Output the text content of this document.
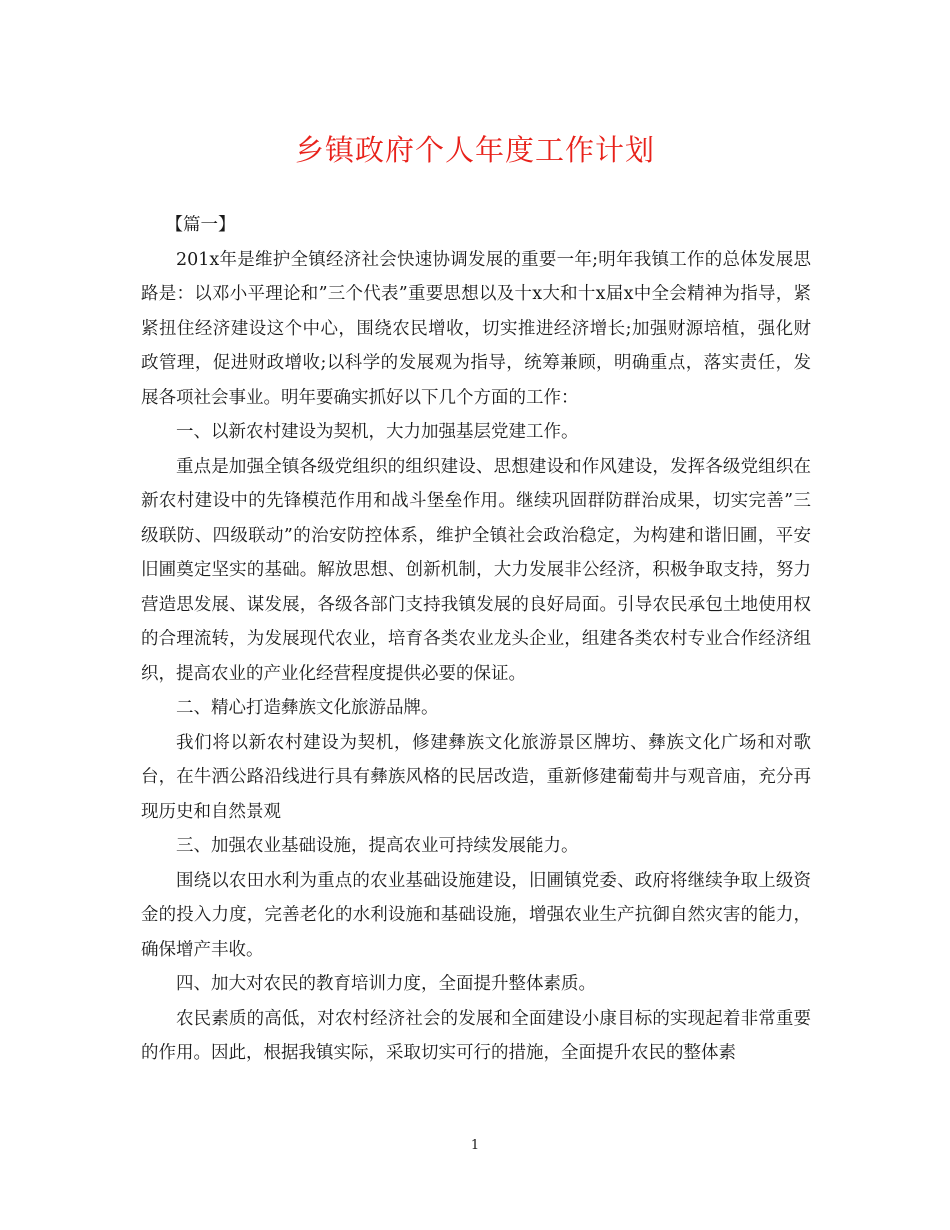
乡镇政府个人年度工作计划

【篇一】

201x年是维护全镇经济社会快速协调发展的重要一年;明年我镇工作的总体发展思路是：以邓小平理论和”三个代表”重要思想以及十x大和十x届x中全会精神为指导，紧紧扭住经济建设这个中心，围绕农民增收，切实推进经济增长;加强财源培植，强化财政管理，促进财政增收;以科学的发展观为指导，统筹兼顾，明确重点，落实责任，发展各项社会事业。明年要确实抓好以下几个方面的工作：

一、以新农村建设为契机，大力加强基层党建工作。

重点是加强全镇各级党组织的组织建设、思想建设和作风建设，发挥各级党组织在新农村建设中的先锋模范作用和战斗堡垒作用。继续巩固群防群治成果，切实完善”三级联防、四级联动”的治安防控体系，维护全镇社会政治稳定，为构建和谐旧圃，平安旧圃奠定坚实的基础。解放思想、创新机制，大力发展非公经济，积极争取支持，努力营造思发展、谋发展，各级各部门支持我镇发展的良好局面。引导农民承包土地使用权的合理流转，为发展现代农业，培育各类农业龙头企业，组建各类农村专业合作经济组织，提高农业的产业化经营程度提供必要的保证。

二、精心打造彝族文化旅游品牌。

我们将以新农村建设为契机，修建彝族文化旅游景区牌坊、彝族文化广场和对歌台，在牛洒公路沿线进行具有彝族风格的民居改造，重新修建葡萄井与观音庙，充分再现历史和自然景观

三、加强农业基础设施，提高农业可持续发展能力。

围绕以农田水利为重点的农业基础设施建设，旧圃镇党委、政府将继续争取上级资金的投入力度，完善老化的水利设施和基础设施，增强农业生产抗御自然灾害的能力，确保增产丰收。

四、加大对农民的教育培训力度，全面提升整体素质。

农民素质的高低，对农村经济社会的发展和全面建设小康目标的实现起着非常重要的作用。因此，根据我镇实际，采取切实可行的措施，全面提升农民的整体素

1
